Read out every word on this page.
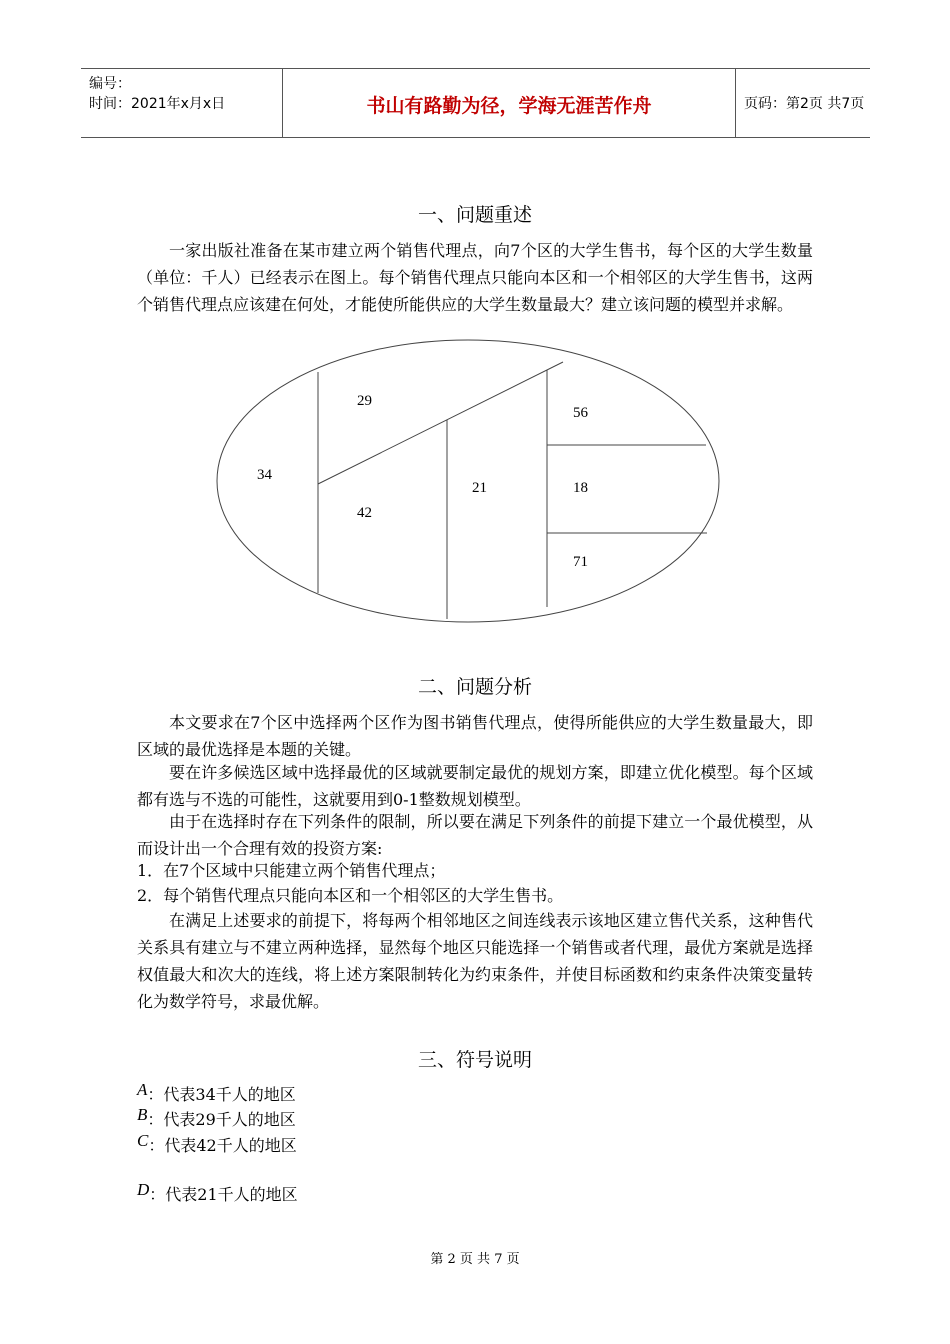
编号：
时间：2021年x月x日	书山有路勤为径，学海无涯苦作舟	页码：第2页 共7页
一、问题重述

一家出版社准备在某市建立两个销售代理点，向7个区的大学生售书，每个区的大学生数量（单位：千人）已经表示在图上。每个销售代理点只能向本区和一个相邻区的大学生售书，这两个销售代理点应该建在何处，才能使所能供应的大学生数量最大？建立该问题的模型并求解。

34
29
42
21
56
18
71
二、问题分析

本文要求在7个区中选择两个区作为图书销售代理点，使得所能供应的大学生数量最大，即区域的最优选择是本题的关键。

要在许多候选区域中选择最优的区域就要制定最优的规划方案，即建立优化模型。每个区域都有选与不选的可能性，这就要用到0-1整数规划模型。

由于在选择时存在下列条件的限制，所以要在满足下列条件的前提下建立一个最优模型，从而设计出一个合理有效的投资方案:

1．在7个区域中只能建立两个销售代理点；
2．每个销售代理点只能向本区和一个相邻区的大学生售书。

在满足上述要求的前提下，将每两个相邻地区之间连线表示该地区建立售代关系，这种售代关系具有建立与不建立两种选择，显然每个地区只能选择一个销售或者代理，最优方案就是选择权值最大和次大的连线，将上述方案限制转化为约束条件，并使目标函数和约束条件决策变量转化为数学符号，求最优解。

三、符号说明
A：代表34千人的地区
B：代表29千人的地区
C：代表42千人的地区
D：代表21千人的地区
第 2 页 共 7 页
